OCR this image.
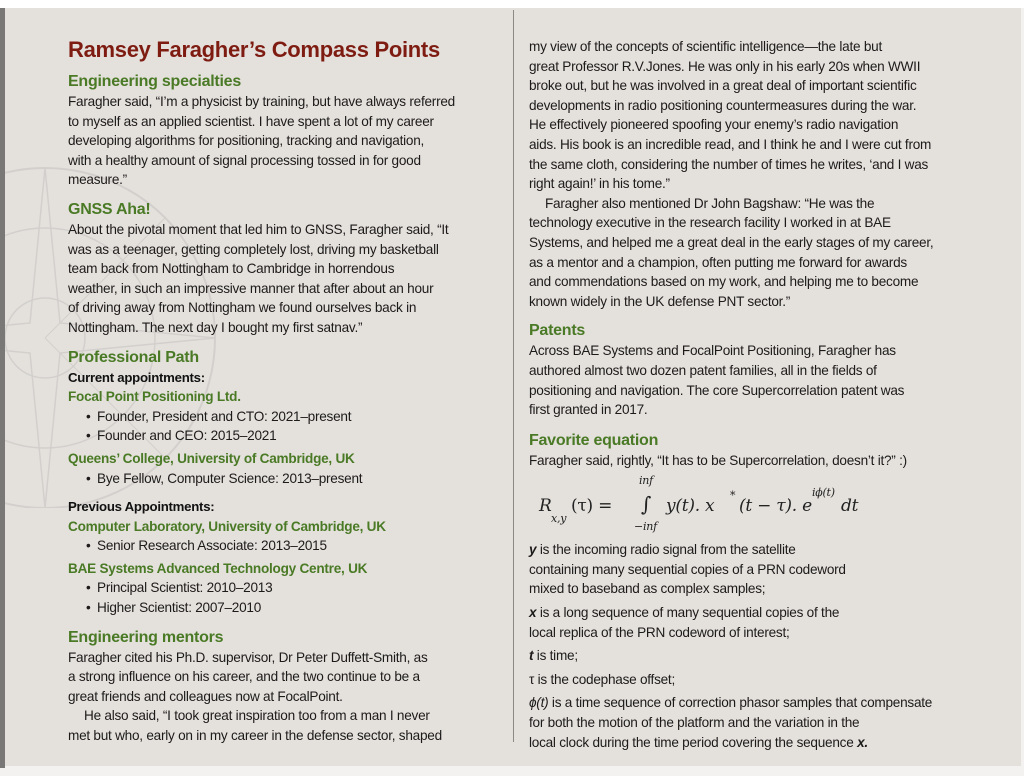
Ramsey Faragher’s Compass Points
Engineering specialties
Faragher said, “I’m a physicist by training, but have always referred
to myself as an applied scientist. I have spent a lot of my career
developing algorithms for positioning, tracking and navigation,
with a healthy amount of signal processing tossed in for good
measure.”
GNSS Aha!
About the pivotal moment that led him to GNSS, Faragher said, “It
was as a teenager, getting completely lost, driving my basketball
team back from Nottingham to Cambridge in horrendous
weather, in such an impressive manner that after about an hour
of driving away from Nottingham we found ourselves back in
Nottingham. The next day I bought my first satnav.”
Professional Path
Current appointments:
Focal Point Positioning Ltd.
• Founder, President and CTO: 2021–present
• Founder and CEO: 2015–2021
Queens’ College, University of Cambridge, UK
• Bye Fellow, Computer Science: 2013–present
Previous Appointments:
Computer Laboratory, University of Cambridge, UK
• Senior Research Associate: 2013–2015
BAE Systems Advanced Technology Centre, UK
• Principal Scientist: 2010–2013
• Higher Scientist: 2007–2010
Engineering mentors
Faragher cited his Ph.D. supervisor, Dr Peter Duffett-Smith, as
a strong influence on his career, and the two continue to be a
great friends and colleagues now at FocalPoint.
He also said, “I took great inspiration too from a man I never
met but who, early on in my career in the defense sector, shaped
my view of the concepts of scientific intelligence—the late but
great Professor R.V.Jones. He was only in his early 20s when WWII
broke out, but he was involved in a great deal of important scientific
developments in radio positioning countermeasures during the war.
He effectively pioneered spoofing your enemy’s radio navigation
aids. His book is an incredible read, and I think he and I were cut from
the same cloth, considering the number of times he writes, ‘and I was
right again!’ in his tome.”
Faragher also mentioned Dr John Bagshaw: “He was the
technology executive in the research facility I worked in at BAE
Systems, and helped me a great deal in the early stages of my career,
as a mentor and a champion, often putting me forward for awards
and commendations based on my work, and helping me to become
known widely in the UK defense PNT sector.”
Patents
Across BAE Systems and FocalPoint Positioning, Faragher has
authored almost two dozen patent families, all in the fields of
positioning and navigation. The core Supercorrelation patent was
first granted in 2017.
Favorite equation
Faragher said, rightly, “It has to be Supercorrelation, doesn’t it?” :)
R
x,y
(τ) =
inf
∫
−inf
y(t). x
*
(t − τ). e
iϕ(t)
dt
y is the incoming radio signal from the satellite
containing many sequential copies of a PRN codeword
mixed to baseband as complex samples;
x is a long sequence of many sequential copies of the
local replica of the PRN codeword of interest;
t is time;
τ is the codephase offset;
ϕ(t) is a time sequence of correction phasor samples that compensate
for both the motion of the platform and the variation in the
local clock during the time period covering the sequence x.
